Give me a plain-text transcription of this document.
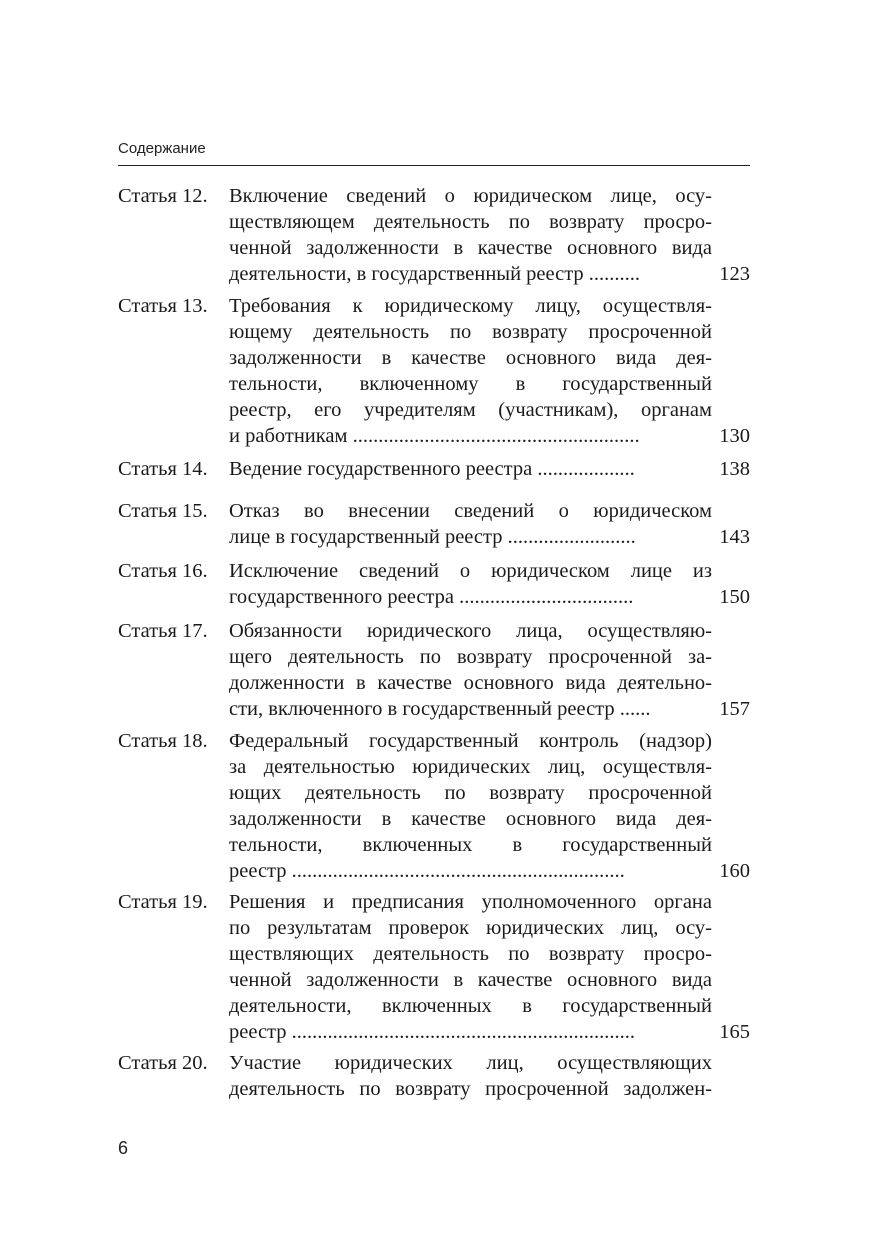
Содержание
Статья 12. Включение сведений о юридическом лице, осу-
ществляющем деятельность по возврату просро-
ченной задолженности в качестве основного вида
деятельности, в государственный реестр ..........	123
Статья 13. Требования к юридическому лицу, осуществля-
ющему деятельность по возврату просроченной
задолженности в качестве основного вида дея-
тельности, включенному в государственный
реестр, его учредителям (участникам), органам
и работникам ........................................................	130
Статья 14. Ведение государственного реестра ...................	138
Статья 15. Отказ во внесении сведений о юридическом
лице в государственный реестр .........................	143
Статья 16. Исключение сведений о юридическом лице из
государственного реестра ..................................	150
Статья 17. Обязанности юридического лица, осуществляю-
щего деятельность по возврату просроченной за-
долженности в качестве основного вида деятельно-
сти, включенного в государственный реестр ......	157
Статья 18. Федеральный государственный контроль (надзор)
за деятельностью юридических лиц, осуществля-
ющих деятельность по возврату просроченной
задолженности в качестве основного вида дея-
тельности, включенных в государственный
реестр .................................................................	160
Статья 19. Решения и предписания уполномоченного органа
по результатам проверок юридических лиц, осу-
ществляющих деятельность по возврату просро-
ченной задолженности в качестве основного вида
деятельности, включенных в государственный
реестр ...................................................................	165
Статья 20. Участие юридических лиц, осуществляющих
деятельность по возврату просроченной задолжен-
6
